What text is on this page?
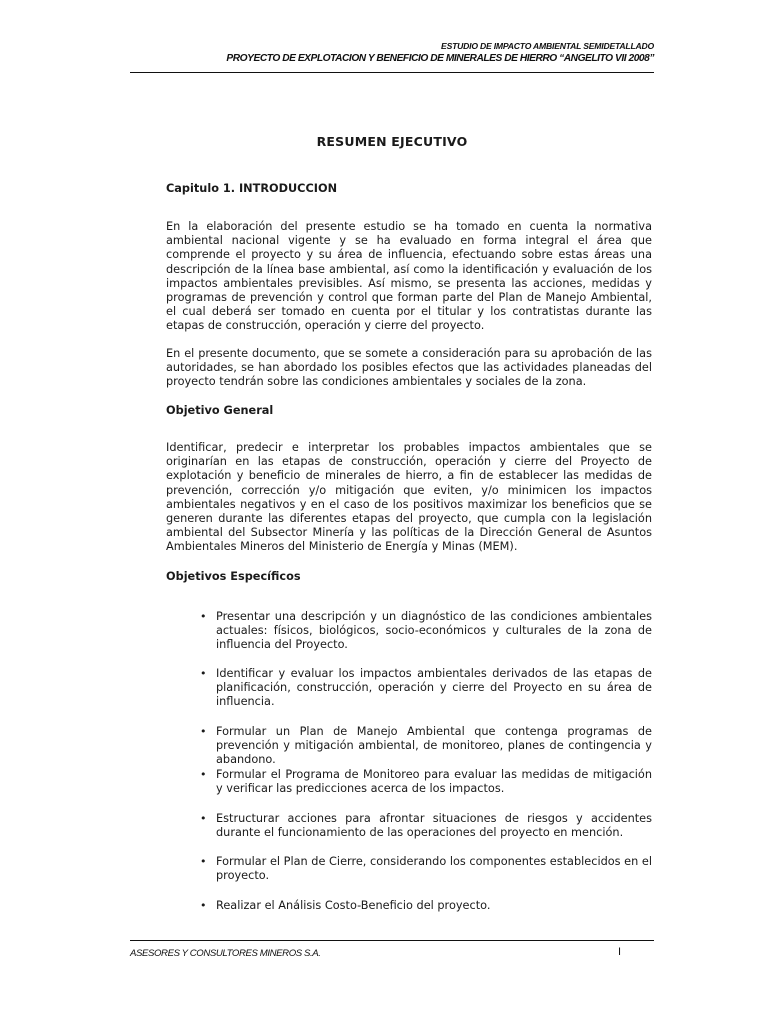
ESTUDIO DE IMPACTO AMBIENTAL SEMIDETALLADO
PROYECTO DE EXPLOTACION Y BENEFICIO DE MINERALES DE HIERRO “ANGELITO VII 2008”
RESUMEN EJECUTIVO
Capitulo 1. INTRODUCCION

En la elaboración del presente estudio se ha tomado en cuenta la normativa ambiental nacional vigente y se ha evaluado en forma integral el área que comprende el proyecto y su área de influencia, efectuando sobre estas áreas una descripción de la línea base ambiental, así como la identificación y evaluación de los impactos ambientales previsibles. Así mismo, se presenta las acciones, medidas y programas de prevención y control que forman parte del Plan de Manejo Ambiental, el cual deberá ser tomado en cuenta por el titular y los contratistas durante las etapas de construcción, operación y cierre del proyecto.

En el presente documento, que se somete a consideración para su aprobación de las autoridades, se han abordado los posibles efectos que las actividades planeadas del proyecto tendrán sobre las condiciones ambientales y sociales de la zona.

Objetivo General

Identificar, predecir e interpretar los probables impactos ambientales que se originarían en las etapas de construcción, operación y cierre del Proyecto de explotación y beneficio de minerales de hierro, a fin de establecer las medidas de prevención, corrección y/o mitigación que eviten, y/o minimicen los impactos ambientales negativos y en el caso de los positivos maximizar los beneficios que se generen durante las diferentes etapas del proyecto, que cumpla con la legislación ambiental del Subsector Minería y las políticas de la Dirección General de Asuntos Ambientales Mineros del Ministerio de Energía y Minas (MEM).

Objetivos Específicos
• Presentar una descripción y un diagnóstico de las condiciones ambientales actuales: físicos, biológicos, socio-económicos y culturales de la zona de influencia del Proyecto.
• Identificar y evaluar los impactos ambientales derivados de las etapas de planificación, construcción, operación y cierre del Proyecto en su área de influencia.
• Formular un Plan de Manejo Ambiental que contenga programas de prevención y mitigación ambiental, de monitoreo, planes de contingencia y abandono.
• Formular el Programa de Monitoreo para evaluar las medidas de mitigación y verificar las predicciones acerca de los impactos.
• Estructurar acciones para afrontar situaciones de riesgos y accidentes durante el funcionamiento de las operaciones del proyecto en mención.
• Formular el Plan de Cierre, considerando los componentes establecidos en el proyecto.
• Realizar el Análisis Costo-Beneficio del proyecto.
ASESORES Y CONSULTORES MINEROS S.A.	I
